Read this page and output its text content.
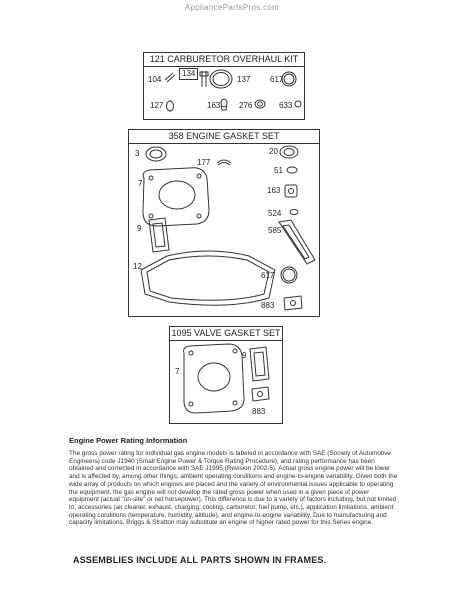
AppliancePartsPros.com
121 CARBURETOR OVERHAUL KIT
104
134
137 617
127	163 276	633
358 ENGINE GASKET SET
3
177
20
7
51
163
524
9	585
12
617
883
1095 VALVE GASKET SET
7
9
883
Engine Power Rating Information

The gross power rating for individual gas engine models is labeled in accordance with SAE (Society of Automotive Engineers) code J1940 (Small Engine Power & Torque Rating Procedure), and rating performance has been obtained and corrected in accordance with SAE J1995 (Revision 2002-5). Actual gross engine power will be lower and is affected by, among other things, ambient operating conditions and engine-to-engine variability. Given both the wide array of products on which engines are placed and the variety of environmental issues applicable to operating the equipment, the gas engine will not develop the rated gross power when used in a given piece of power equipment (actual "on-site" or net horsepower). This difference is due to a variety of factors including, but not limited to, accessories (air cleaner, exhaust, charging, cooling, carburetor, fuel pump, etc.), application limitations, ambient operating conditions (temperature, humidity, altitude), and engine-to-engine variability. Due to manufacturing and capacity limitations, Briggs & Stratton may substitute an engine of higher rated power for this Series engine.

ASSEMBLIES INCLUDE ALL PARTS SHOWN IN FRAMES.
